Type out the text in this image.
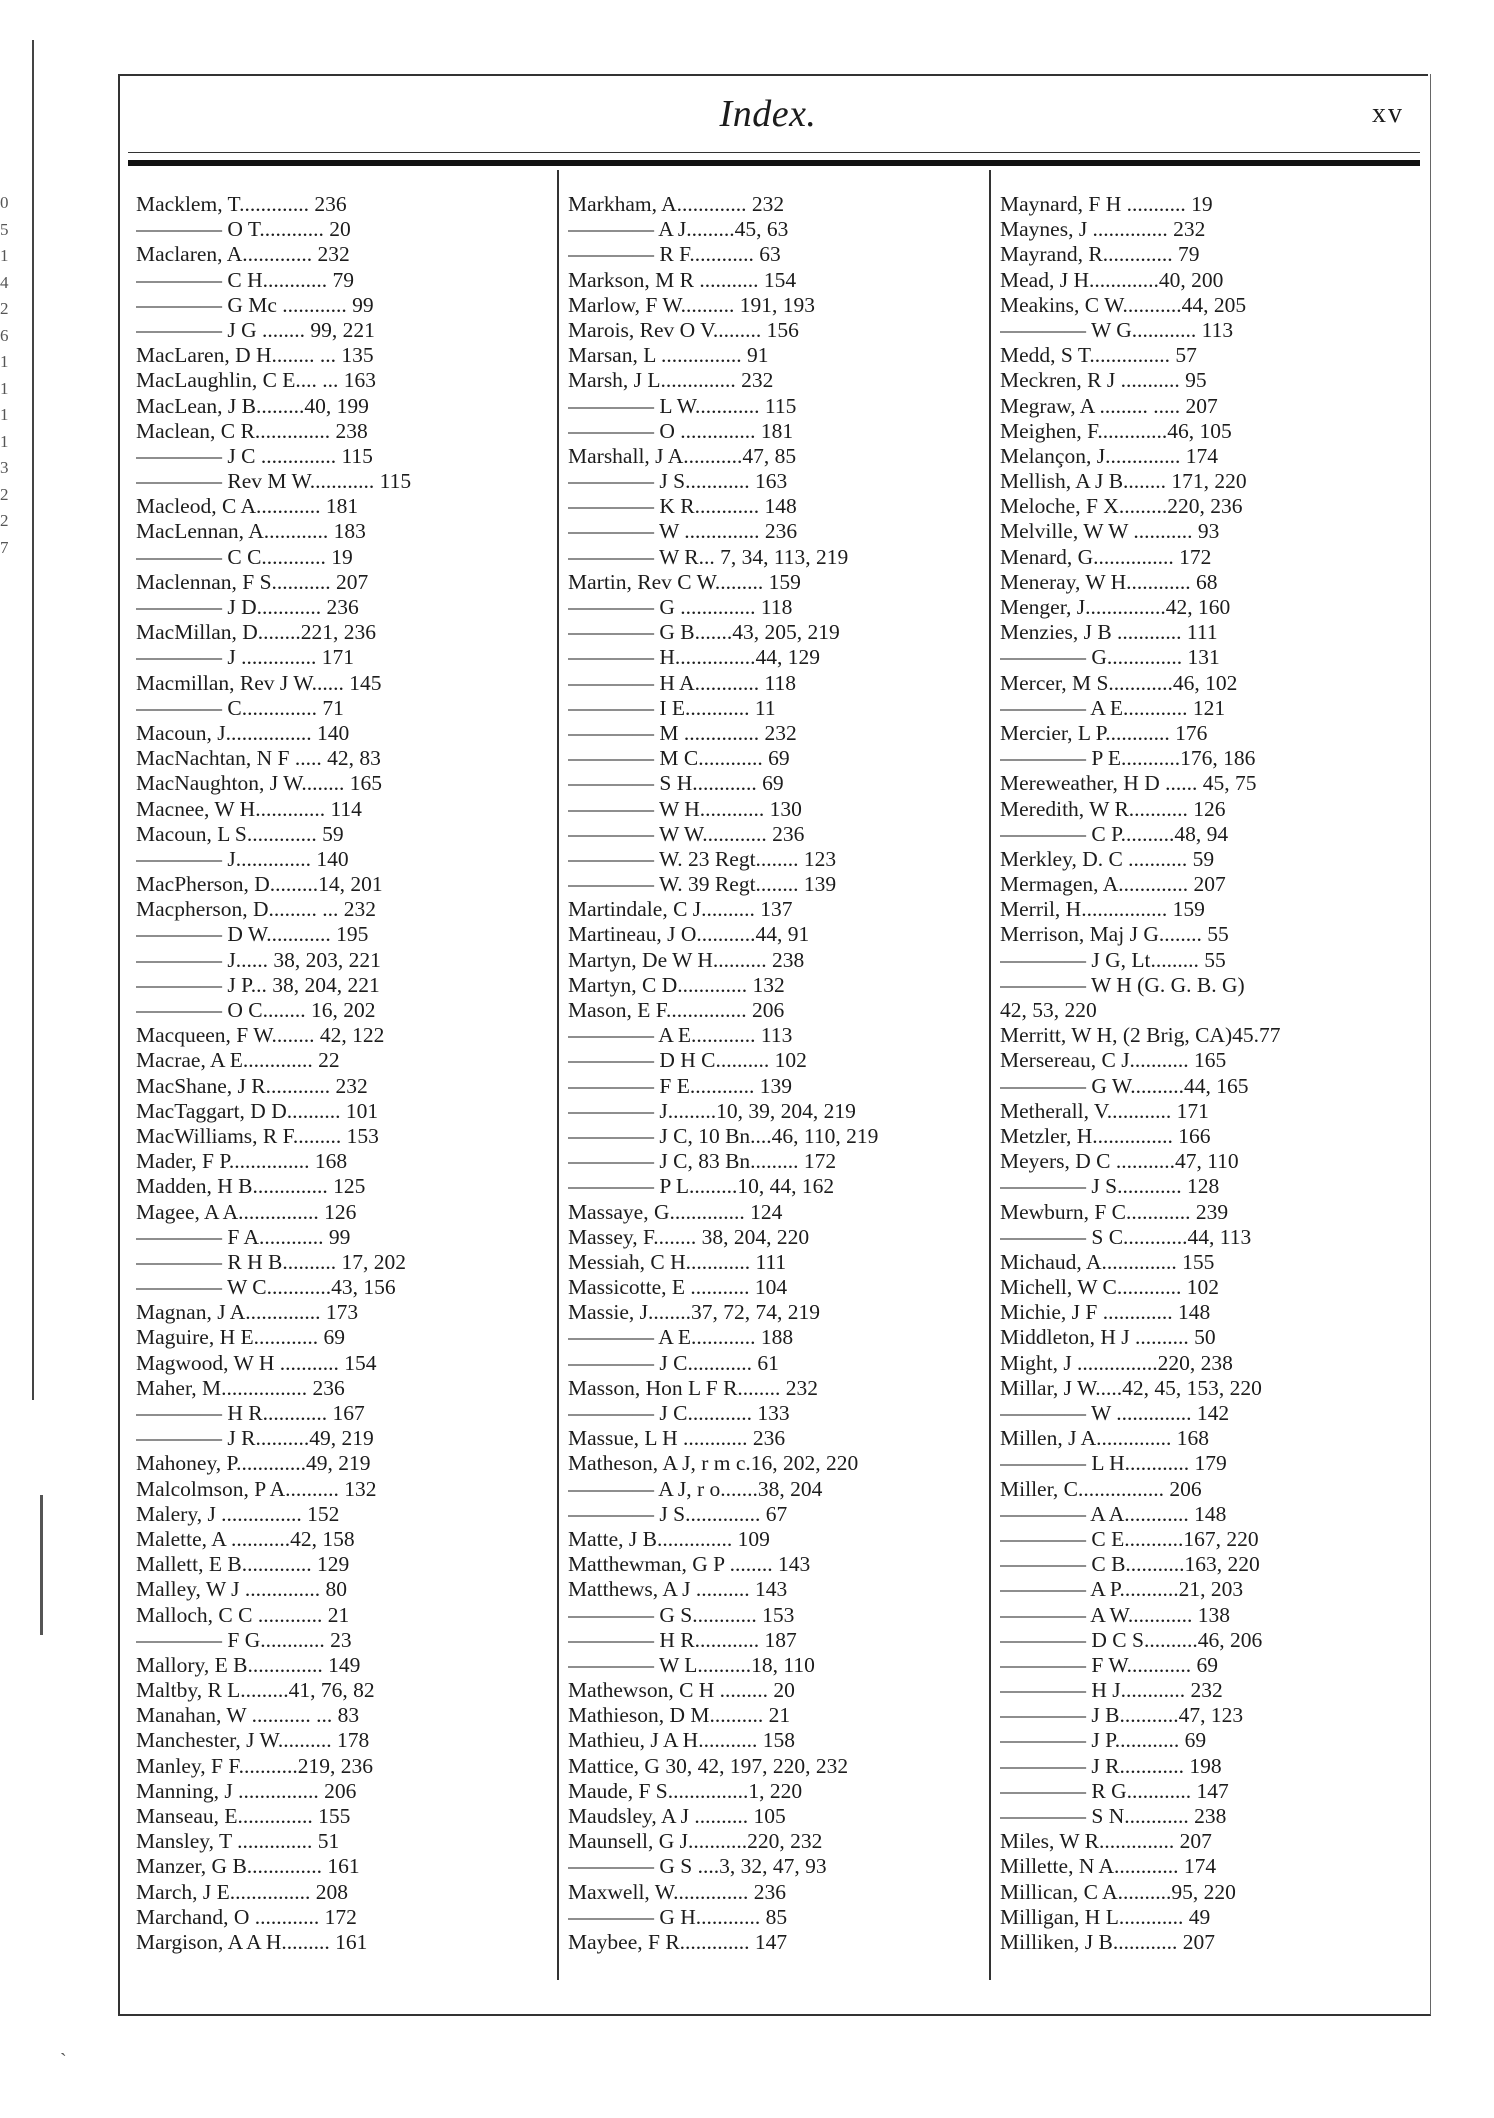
0
5
1
4
2
6
1
1
1
1
3
2
2
7
Index.	xv
Macklem, T............. 236
———— O T............ 20
Maclaren, A............. 232
———— C H............ 79
———— G Mc ............ 99
———— J G ........ 99, 221
MacLaren, D H........ ... 135
MacLaughlin, C E.... ... 163
MacLean, J B.........40, 199
Maclean, C R.............. 238
———— J C .............. 115
———— Rev M W............ 115
Macleod, C A............ 181
MacLennan, A............ 183
———— C C............ 19
Maclennan, F S........... 207
———— J D............ 236
MacMillan, D........221, 236
———— J .............. 171
Macmillan, Rev J W...... 145
———— C.............. 71
Macoun, J................ 140
MacNachtan, N F ..... 42, 83
MacNaughton, J W........ 165
Macnee, W H............. 114
Macoun, L S............. 59
———— J.............. 140
MacPherson, D.........14, 201
Macpherson, D......... ... 232
———— D W............ 195
———— J...... 38, 203, 221
———— J P... 38, 204, 221
———— O C........ 16, 202
Macqueen, F W........ 42, 122
Macrae, A E............. 22
MacShane, J R............ 232
MacTaggart, D D.......... 101
MacWilliams, R F......... 153
Mader, F P............... 168
Madden, H B.............. 125
Magee, A A............... 126
———— F A............ 99
———— R H B.......... 17, 202
———— W C............43, 156
Magnan, J A.............. 173
Maguire, H E............ 69
Magwood, W H ........... 154
Maher, M................ 236
———— H R............ 167
———— J R..........49, 219
Mahoney, P.............49, 219
Malcolmson, P A.......... 132
Malery, J ............... 152
Malette, A ...........42, 158
Mallett, E B............. 129
Malley, W J .............. 80
Malloch, C C ............ 21
———— F G............ 23
Mallory, E B.............. 149
Maltby, R L.........41, 76, 82
Manahan, W ........... ... 83
Manchester, J W.......... 178
Manley, F F...........219, 236
Manning, J ............... 206
Manseau, E.............. 155
Mansley, T .............. 51
Manzer, G B.............. 161
March, J E............... 208
Marchand, O ............ 172
Margison, A A H......... 161
Markham, A............. 232
———— A J.........45, 63
———— R F............ 63
Markson, M R ........... 154
Marlow, F W.......... 191, 193
Marois, Rev O V......... 156
Marsan, L ............... 91
Marsh, J L.............. 232
———— L W............ 115
———— O .............. 181
Marshall, J A...........47, 85
———— J S............ 163
———— K R............ 148
———— W .............. 236
———— W R... 7, 34, 113, 219
Martin, Rev C W......... 159
———— G .............. 118
———— G B.......43, 205, 219
———— H...............44, 129
———— H A............ 118
———— I E............ 11
———— M .............. 232
———— M C............ 69
———— S H............ 69
———— W H............ 130
———— W W............ 236
———— W. 23 Regt........ 123
———— W. 39 Regt........ 139
Martindale, C J.......... 137
Martineau, J O...........44, 91
Martyn, De W H.......... 238
Martyn, C D............. 132
Mason, E F............... 206
———— A E............ 113
———— D H C.......... 102
———— F E............ 139
———— J.........10, 39, 204, 219
———— J C, 10 Bn....46, 110, 219
———— J C, 83 Bn......... 172
———— P L.........10, 44, 162
Massaye, G.............. 124
Massey, F........ 38, 204, 220
Messiah, C H............ 111
Massicotte, E ........... 104
Massie, J........37, 72, 74, 219
———— A E............ 188
———— J C............ 61
Masson, Hon L F R........ 232
———— J C............ 133
Massue, L H ............ 236
Matheson, A J, r m c.16, 202, 220
———— A J, r o.......38, 204
———— J S.............. 67
Matte, J B.............. 109
Matthewman, G P ........ 143
Matthews, A J .......... 143
———— G S............ 153
———— H R............ 187
———— W L..........18, 110
Mathewson, C H ......... 20
Mathieson, D M.......... 21
Mathieu, J A H........... 158
Mattice, G 30, 42, 197, 220, 232
Maude, F S...............1, 220
Maudsley, A J .......... 105
Maunsell, G J...........220, 232
———— G S ....3, 32, 47, 93
Maxwell, W.............. 236
———— G H............ 85
Maybee, F R............. 147
Maynard, F H ........... 19
Maynes, J .............. 232
Mayrand, R............. 79
Mead, J H.............40, 200
Meakins, C W...........44, 205
———— W G............ 113
Medd, S T............... 57
Meckren, R J ........... 95
Megraw, A ......... ..... 207
Meighen, F.............46, 105
Melançon, J.............. 174
Mellish, A J B........ 171, 220
Meloche, F X.........220, 236
Melville, W W ........... 93
Menard, G............... 172
Meneray, W H............ 68
Menger, J...............42, 160
Menzies, J B ............ 111
———— G.............. 131
Mercer, M S............46, 102
———— A E............ 121
Mercier, L P............ 176
———— P E...........176, 186
Mereweather, H D ...... 45, 75
Meredith, W R........... 126
———— C P..........48, 94
Merkley, D. C ........... 59
Mermagen, A............. 207
Merril, H................ 159
Merrison, Maj J G........ 55
———— J G, Lt......... 55
———— W H (G. G. B. G)
42, 53, 220
Merritt, W H, (2 Brig, CA)45.77
Mersereau, C J........... 165
———— G W..........44, 165
Metherall, V............ 171
Metzler, H............... 166
Meyers, D C ...........47, 110
———— J S............ 128
Mewburn, F C............ 239
———— S C............44, 113
Michaud, A.............. 155
Michell, W C............ 102
Michie, J F ............. 148
Middleton, H J .......... 50
Might, J ...............220, 238
Millar, J W.....42, 45, 153, 220
———— W .............. 142
Millen, J A.............. 168
———— L H............ 179
Miller, C................ 206
———— A A............ 148
———— C E...........167, 220
———— C B...........163, 220
———— A P...........21, 203
———— A W............ 138
———— D C S..........46, 206
———— F W............ 69
———— H J............ 232
———— J B...........47, 123
———— J P............ 69
———— J R............ 198
———— R G............ 147
———— S N............ 238
Miles, W R.............. 207
Millette, N A............ 174
Millican, C A..........95, 220
Milligan, H L............ 49
Milliken, J B............ 207
`
